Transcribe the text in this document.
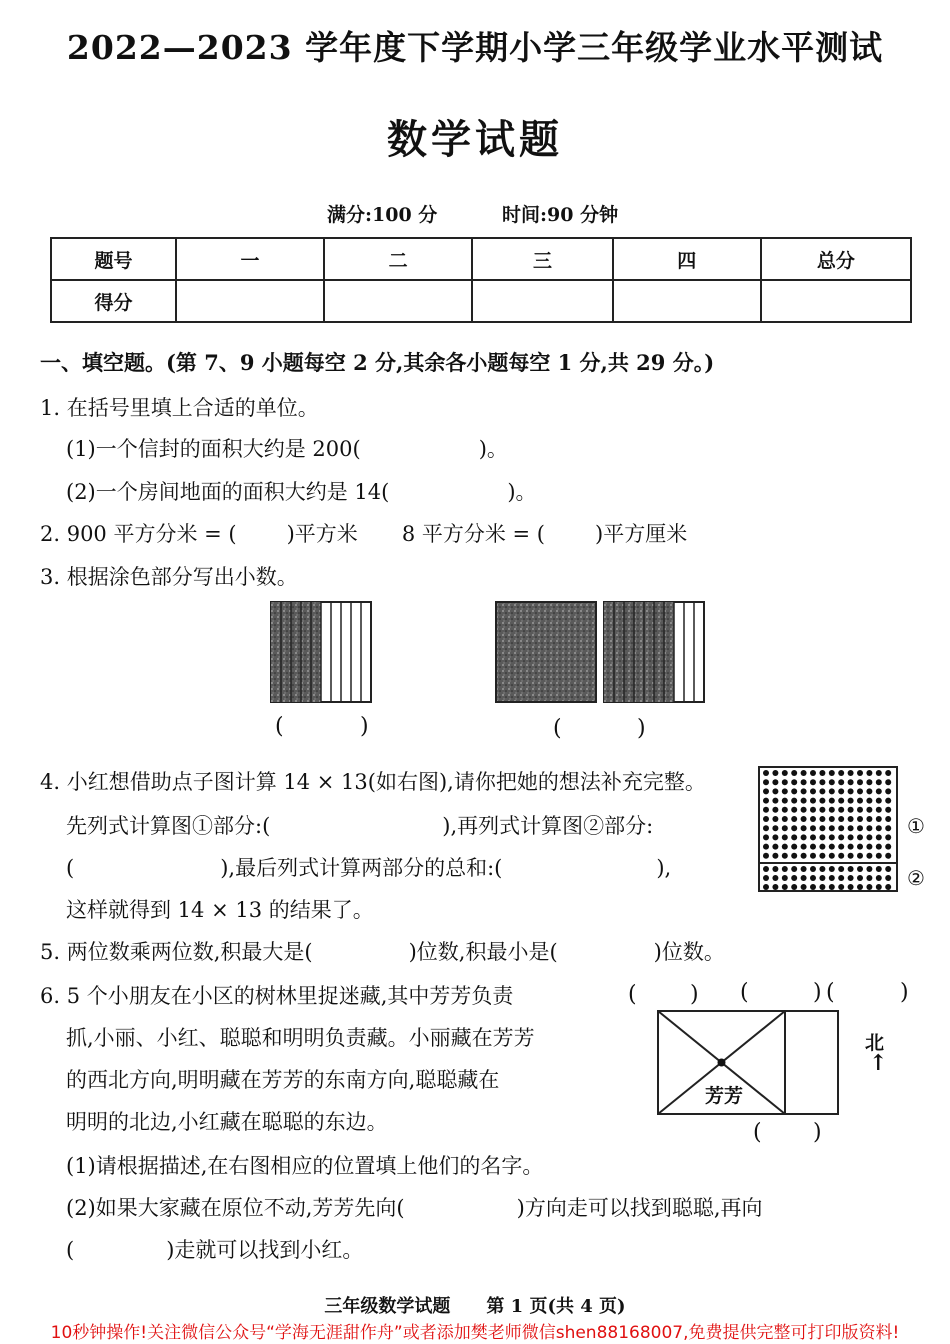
2022—2023 学年度下学期小学三年级学业水平测试
数学试题
满分:100 分	时间:90 分钟
题号	一	二	三	四	总分
得分					
一、填空题。(第 7、9 小题每空 2 分,其余各小题每空 1 分,共 29 分。)
1. 在括号里填上合适的单位。
(1)一个信封的面积大约是 200(	)。
(2)一个房间地面的面积大约是 14(	)。
2. 900 平方分米 = ( )平方米 8 平方分米 = ( )平方厘米
3. 根据涂色部分写出小数。
(	)	(	)
4. 小红想借助点子图计算 14 × 13(如右图),请你把她的想法补充完整。
先列式计算图①部分:(	),再列式计算图②部分:
(	),最后列式计算两部分的总和:(	),
这样就得到 14 × 13 的结果了。
①
②
5. 两位数乘两位数,积最大是(	)位数,积最小是(	)位数。
6. 5 个小朋友在小区的树林里捉迷藏,其中芳芳负责
抓,小丽、小红、聪聪和明明负责藏。小丽藏在芳芳
的西北方向,明明藏在芳芳的东南方向,聪聪藏在
明明的北边,小红藏在聪聪的东边。
(1)请根据描述,在右图相应的位置填上他们的名字。
(2)如果大家藏在原位不动,芳芳先向(	)方向走可以找到聪聪,再向
(	)走就可以找到小红。
芳芳
北
↑
( ) (	) (	)
( )
三年级数学试题　　第 1 页(共 4 页)
10秒钟操作!关注微信公众号“学海无涯甜作舟”或者添加樊老师微信shen88168007,免费提供完整可打印版资料!
